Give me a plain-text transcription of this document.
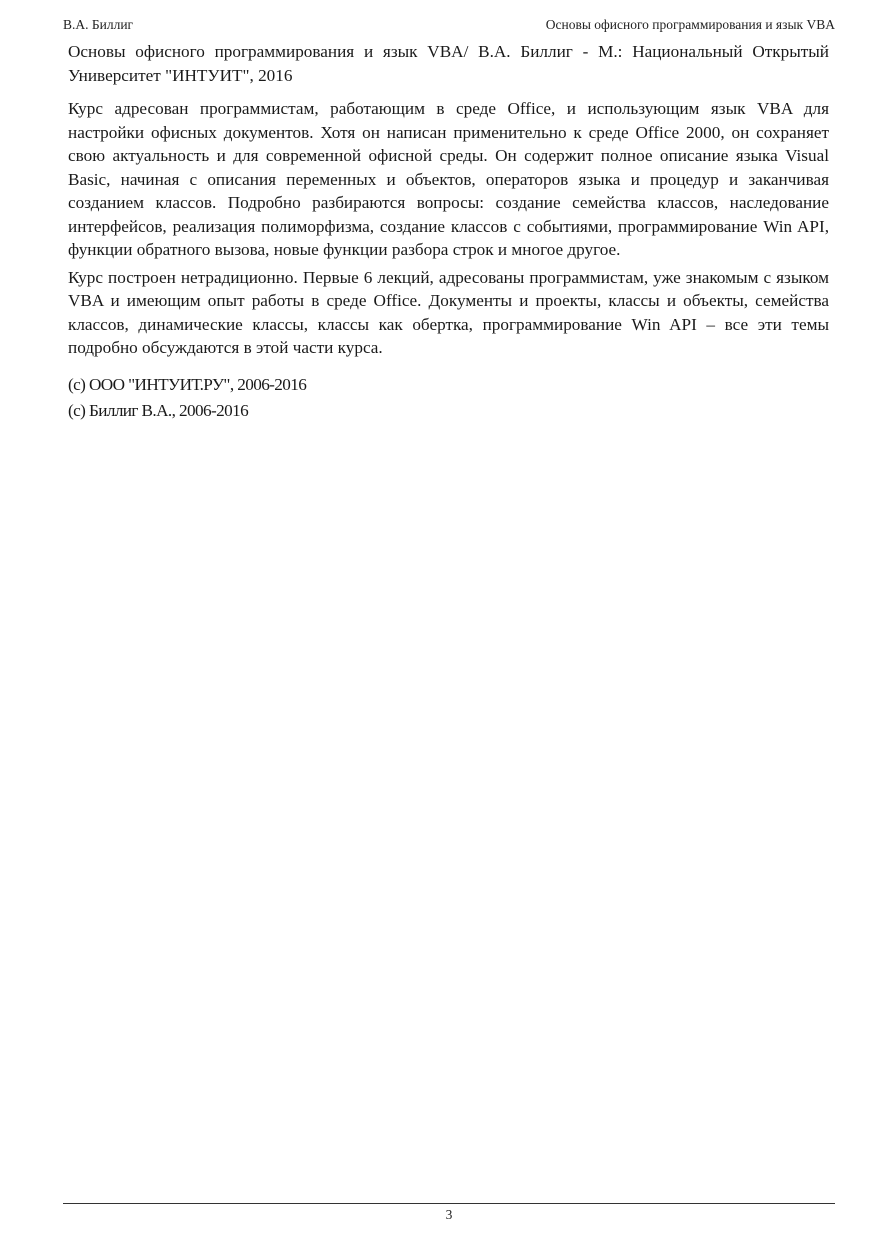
В.А. Биллиг	Основы офисного программирования и язык VBA

Основы офисного программирования и язык VBA/ В.А. Биллиг - М.: Национальный Открытый Университет "ИНТУИТ", 2016

Курс адресован программистам, работающим в среде Office, и использующим язык VBA для настройки офисных документов. Хотя он написан применительно к среде Office 2000, он сохраняет свою актуальность и для современной офисной среды. Он содержит полное описание языка Visual Basic, начиная с описания переменных и объектов, операторов языка и процедур и заканчивая созданием классов. Подробно разбираются вопросы: создание семейства классов, наследование интерфейсов, реализация полиморфизма, создание классов с событиями, программирование Win API, функции обратного вызова, новые функции разбора строк и многое другое.

Курс построен нетрадиционно. Первые 6 лекций, адресованы программистам, уже знакомым с языком VBA и имеющим опыт работы в среде Office. Документы и проекты, классы и объекты, семейства классов, динамические классы, классы как обертка, программирование Win API – все эти темы подробно обсуждаются в этой части курса.

(c) ООО "ИНТУИТ.РУ", 2006-2016

(c) Биллиг В.А., 2006-2016

3
